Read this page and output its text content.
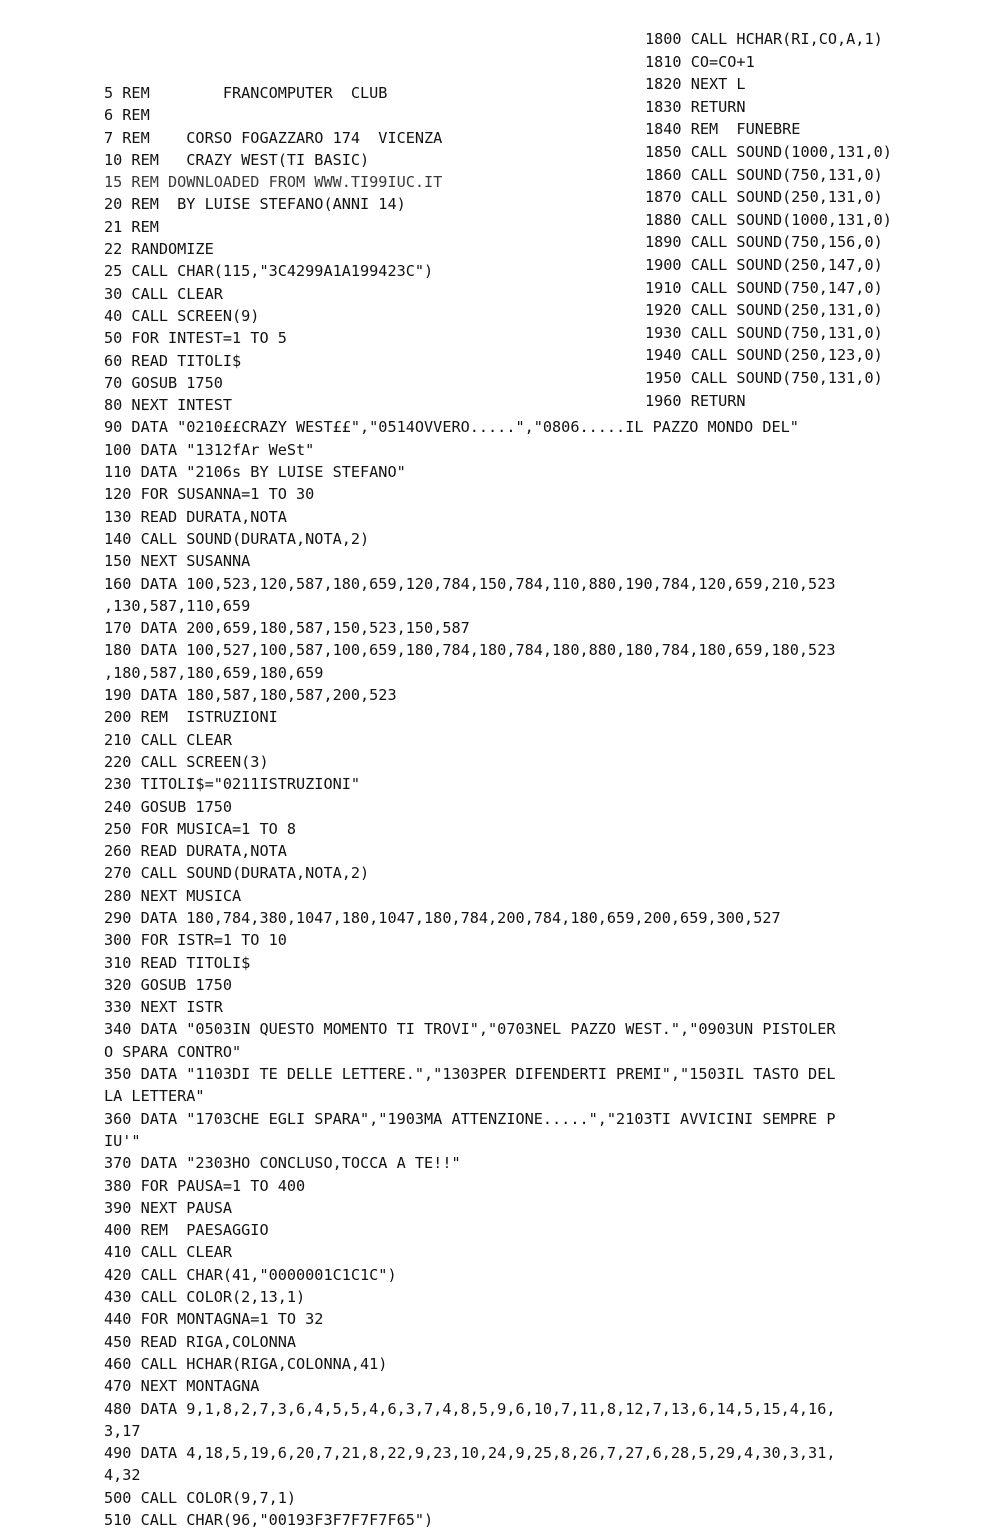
1800 CALL HCHAR(RI,CO,A,1)
1810 CO=CO+1
1820 NEXT L
1830 RETURN
1840 REM  FUNEBRE
1850 CALL SOUND(1000,131,0)
1860 CALL SOUND(750,131,0)
1870 CALL SOUND(250,131,0)
1880 CALL SOUND(1000,131,0)
1890 CALL SOUND(750,156,0)
1900 CALL SOUND(250,147,0)
1910 CALL SOUND(750,147,0)
1920 CALL SOUND(250,131,0)
1930 CALL SOUND(750,131,0)
1940 CALL SOUND(250,123,0)
1950 CALL SOUND(750,131,0)
1960 RETURN
5 REM        FRANCOMPUTER  CLUB
6 REM
7 REM    CORSO FOGAZZARO 174  VICENZA
10 REM   CRAZY WEST(TI BASIC)
15 REM DOWNLOADED FROM WWW.TI99IUC.IT
20 REM  BY LUISE STEFANO(ANNI 14)
21 REM
22 RANDOMIZE
25 CALL CHAR(115,"3C4299A1A199423C")
30 CALL CLEAR
40 CALL SCREEN(9)
50 FOR INTEST=1 TO 5
60 READ TITOLI$
70 GOSUB 1750
80 NEXT INTEST
90 DATA "0210££CRAZY WEST££","0514OVVERO.....","0806.....IL PAZZO MONDO DEL"
100 DATA "1312fAr WeSt"
110 DATA "2106s BY LUISE STEFANO"
120 FOR SUSANNA=1 TO 30
130 READ DURATA,NOTA
140 CALL SOUND(DURATA,NOTA,2)
150 NEXT SUSANNA
160 DATA 100,523,120,587,180,659,120,784,150,784,110,880,190,784,120,659,210,523
,130,587,110,659
170 DATA 200,659,180,587,150,523,150,587
180 DATA 100,527,100,587,100,659,180,784,180,784,180,880,180,784,180,659,180,523
,180,587,180,659,180,659
190 DATA 180,587,180,587,200,523
200 REM  ISTRUZIONI
210 CALL CLEAR
220 CALL SCREEN(3)
230 TITOLI$="0211ISTRUZIONI"
240 GOSUB 1750
250 FOR MUSICA=1 TO 8
260 READ DURATA,NOTA
270 CALL SOUND(DURATA,NOTA,2)
280 NEXT MUSICA
290 DATA 180,784,380,1047,180,1047,180,784,200,784,180,659,200,659,300,527
300 FOR ISTR=1 TO 10
310 READ TITOLI$
320 GOSUB 1750
330 NEXT ISTR
340 DATA "0503IN QUESTO MOMENTO TI TROVI","0703NEL PAZZO WEST.","0903UN PISTOLER
O SPARA CONTRO"
350 DATA "1103DI TE DELLE LETTERE.","1303PER DIFENDERTI PREMI","1503IL TASTO DEL
LA LETTERA"
360 DATA "1703CHE EGLI SPARA","1903MA ATTENZIONE.....","2103TI AVVICINI SEMPRE P
IU'"
370 DATA "2303HO CONCLUSO,TOCCA A TE!!"
380 FOR PAUSA=1 TO 400
390 NEXT PAUSA
400 REM  PAESAGGIO
410 CALL CLEAR
420 CALL CHAR(41,"0000001C1C1C")
430 CALL COLOR(2,13,1)
440 FOR MONTAGNA=1 TO 32
450 READ RIGA,COLONNA
460 CALL HCHAR(RIGA,COLONNA,41)
470 NEXT MONTAGNA
480 DATA 9,1,8,2,7,3,6,4,5,5,4,6,3,7,4,8,5,9,6,10,7,11,8,12,7,13,6,14,5,15,4,16,
3,17
490 DATA 4,18,5,19,6,20,7,21,8,22,9,23,10,24,9,25,8,26,7,27,6,28,5,29,4,30,3,31,
4,32
500 CALL COLOR(9,7,1)
510 CALL CHAR(96,"00193F3F7F7F7F65")
